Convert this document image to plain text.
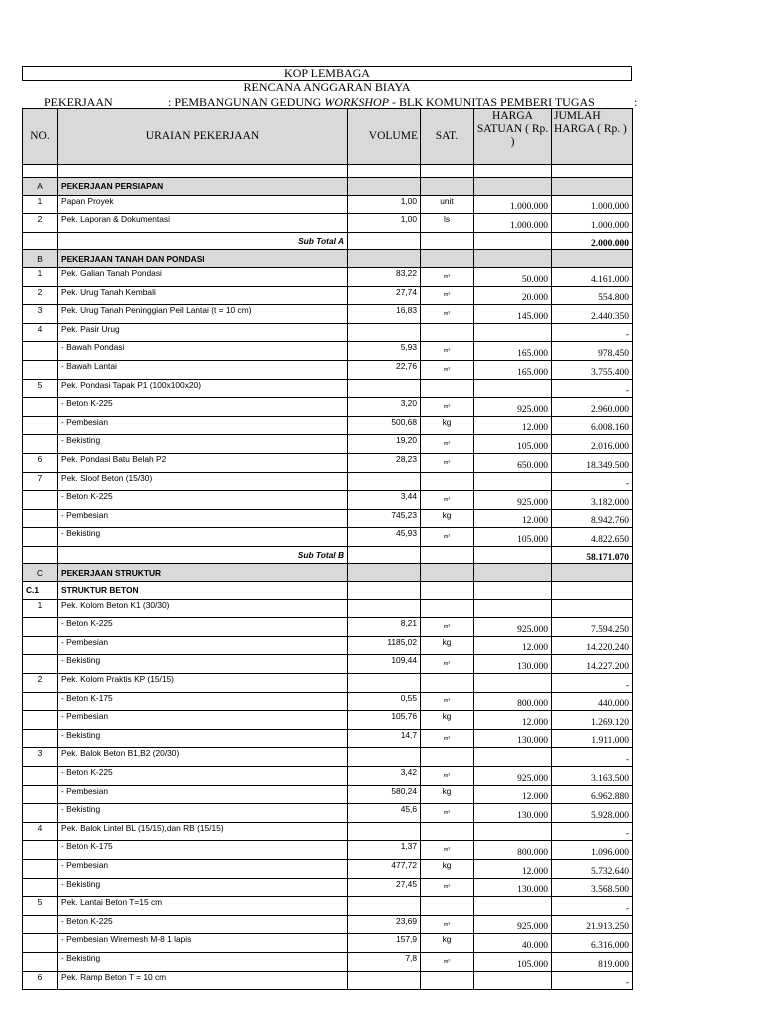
KOP LEMBAGA
RENCANA ANGGARAN BIAYA
PEKERJAAN	: PEMBANGUNAN GEDUNG WORKSHOP - BLK KOMUNITAS PEMBERI TUGAS	:
NO.	URAIAN PEKERJAAN	VOLUME	SAT.	HARGA SATUAN ( Rp. )	JUMLAH HARGA ( Rp. )

A	PEKERJAAN PERSIAPAN				
1	Papan Proyek	1,00	unit	1.000.000	1.000.000
2	Pek. Laporan & Dokumentasi	1,00	ls	1.000.000	1.000.000
	Sub Total A				2.000.000
B	PEKERJAAN TANAH DAN PONDASI				
1	Pek. Galian Tanah Pondasi	83,22	m³	50.000	4.161.000
2	Pek. Urug Tanah Kembali	27,74	m³	20.000	554.800
3	Pek. Urug Tanah Peninggian Peil Lantai (t = 10 cm)	16,83	m³	145.000	2.440.350
4	Pek. Pasir Urug				-
	- Bawah Pondasi	5,93	m³	165.000	978.450
	- Bawah Lantai	22,76	m³	165.000	3.755.400
5	Pek. Pondasi Tapak P1 (100x100x20)				-
	- Beton K-225	3,20	m³	925.000	2.960.000
	- Pembesian	500,68	kg	12.000	6.008.160
	- Bekisting	19,20	m²	105.000	2.016.000
6	Pek. Pondasi Batu Belah P2	28,23	m³	650.000	18.349.500
7	Pek. Sloof Beton (15/30)				-
	- Beton K-225	3,44	m³	925.000	3.182.000
	- Pembesian	745,23	kg	12.000	8.942.760
	- Bekisting	45,93	m²	105.000	4.822.650
	Sub Total B				58.171.070
C	PEKERJAAN STRUKTUR				
C.1	STRUKTUR BETON				
1	Pek. Kolom Beton K1 (30/30)				
	- Beton K-225	8,21	m³	925.000	7.594.250
	- Pembesian	1185,02	kg	12.000	14.220.240
	- Bekisting	109,44	m²	130.000	14.227.200
2	Pek. Kolom Praktis KP (15/15)				-
	- Beton K-175	0,55	m³	800.000	440.000
	- Pembesian	105,76	kg	12.000	1.269.120
	- Bekisting	14,7	m²	130.000	1.911.000
3	Pek. Balok Beton B1,B2 (20/30)				-
	- Beton K-225	3,42	m³	925.000	3.163.500
	- Pembesian	580,24	kg	12.000	6.962.880
	- Bekisting	45,6	m²	130.000	5.928.000
4	Pek. Balok Lintel BL (15/15),dan RB (15/15)				-
	- Beton K-175	1,37	m³	800.000	1.096.000
	- Pembesian	477,72	kg	12.000	5.732.640
	- Bekisting	27,45	m²	130.000	3.568.500
5	Pek. Lantai Beton T=15 cm				-
	- Beton K-225	23,69	m³	925.000	21.913.250
	- Pembesian Wiremesh M-8 1 lapis	157,9	kg	40.000	6.316.000
	- Bekisting	7,8	m²	105.000	819.000
6	Pek. Ramp Beton T = 10 cm				-
